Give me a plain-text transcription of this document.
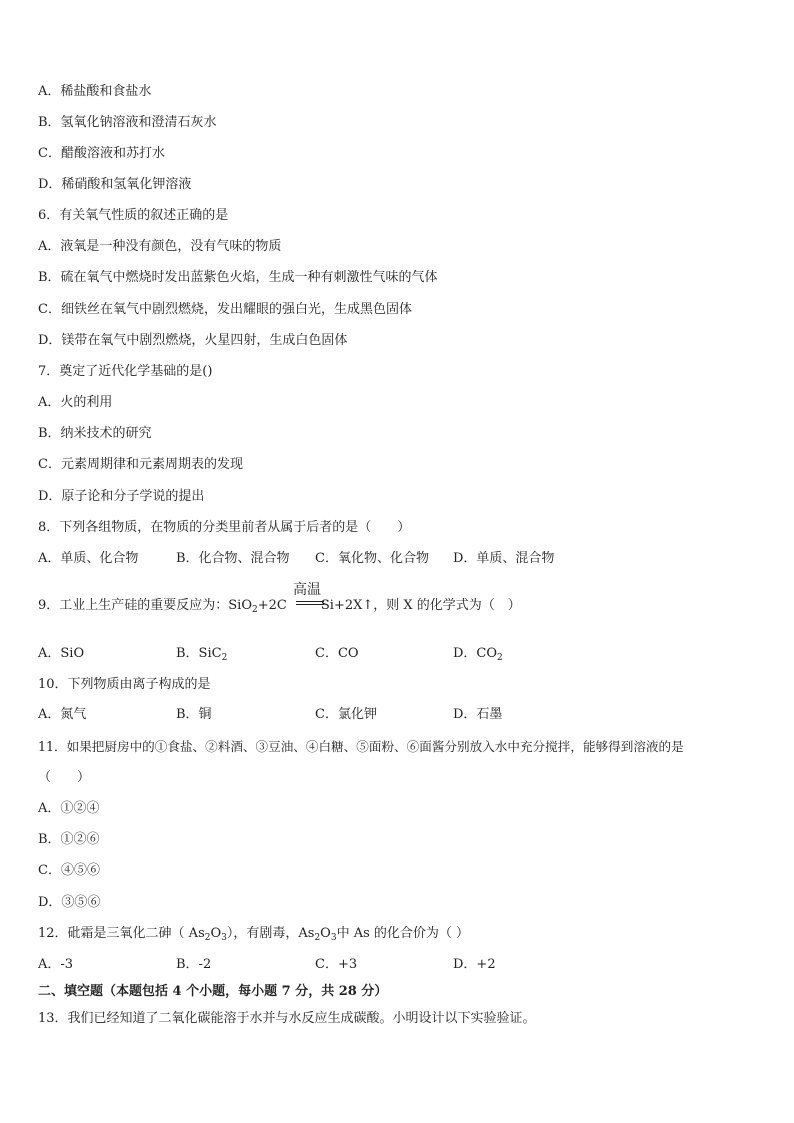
A．稀盐酸和食盐水
B．氢氧化钠溶液和澄清石灰水
C．醋酸溶液和苏打水
D．稀硝酸和氢氧化钾溶液
6．有关氧气性质的叙述正确的是
A．液氧是一种没有颜色，没有气味的物质
B．硫在氧气中燃烧时发出蓝紫色火焰，生成一种有刺激性气味的气体
C．细铁丝在氧气中剧烈燃烧，发出耀眼的强白光，生成黑色固体
D．镁带在氧气中剧烈燃烧，火星四射，生成白色固体
7．奠定了近代化学基础的是()
A．火的利用
B．纳米技术的研究
C．元素周期律和元素周期表的发现
D．原子论和分子学说的提出
8．下列各组物质，在物质的分类里前者从属于后者的是（　　）
A．单质、化合物	B．化合物、混合物 C．氧化物、化合物 D．单质、混合物
高温
9．工业上生产硅的重要反应为：SiO$_2$+2C	Si+2X↑，则 X 的化学式为（　）
A．SiO	B．SiC$_2$	C．CO	D．$CO_2$
10．下列物质由离子构成的是
A．氮气	B．铜	C．氯化钾	D．石墨
11．如果把厨房中的①食盐、②料酒、③豆油、④白糖、⑤面粉、⑥面酱分别放入水中充分搅拌，能够得到溶液的是
（　　）
A．①②④
B．①②⑥
C．④⑤⑥
D．③⑤⑥
12．砒霜是三氧化二砷（ $As_2O_3$），有剧毒，$As_2O_3$中 As 的化合价为（ ）
A．-3	B．-2	C．+3	D．+2
二、填空题（本题包括 4 个小题，每小题 7 分，共 28 分）
13．我们已经知道了二氧化碳能溶于水并与水反应生成碳酸。小明设计以下实验验证。
